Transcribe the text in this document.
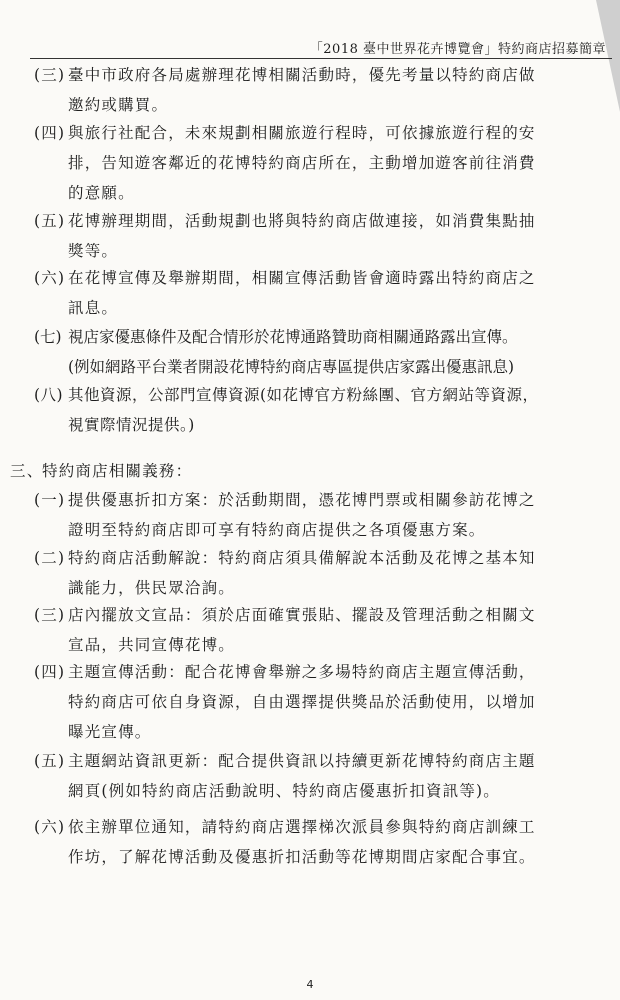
「2018 臺中世界花卉博覽會」特約商店招募簡章
(三) 臺中市政府各局處辦理花博相關活動時，優先考量以特約商店做
邀約或購買。
(四) 與旅行社配合，未來規劃相關旅遊行程時，可依據旅遊行程的安
排，告知遊客鄰近的花博特約商店所在，主動增加遊客前往消費
的意願。
(五) 花博辦理期間，活動規劃也將與特約商店做連接，如消費集點抽
獎等。
(六) 在花博宣傳及舉辦期間，相關宣傳活動皆會適時露出特約商店之
訊息。
(七) 視店家優惠條件及配合情形於花博通路贊助商相關通路露出宣傳。
(例如網路平台業者開設花博特約商店專區提供店家露出優惠訊息)
(八) 其他資源，公部門宣傳資源(如花博官方粉絲團、官方網站等資源，
視實際情況提供。)
三、
特約商店相關義務：
(一) 提供優惠折扣方案：於活動期間，憑花博門票或相關參訪花博之
證明至特約商店即可享有特約商店提供之各項優惠方案。
(二) 特約商店活動解說：特約商店須具備解說本活動及花博之基本知
識能力，供民眾洽詢。
(三) 店內擺放文宣品：須於店面確實張貼、擺設及管理活動之相關文
宣品，共同宣傳花博。
(四) 主題宣傳活動：配合花博會舉辦之多場特約商店主題宣傳活動，
特約商店可依自身資源，自由選擇提供獎品於活動使用，以增加
曝光宣傳。
(五) 主題網站資訊更新：配合提供資訊以持續更新花博特約商店主題
網頁(例如特約商店活動說明、特約商店優惠折扣資訊等)。
(六) 依主辦單位通知，請特約商店選擇梯次派員參與特約商店訓練工
作坊，了解花博活動及優惠折扣活動等花博期間店家配合事宜。
4
